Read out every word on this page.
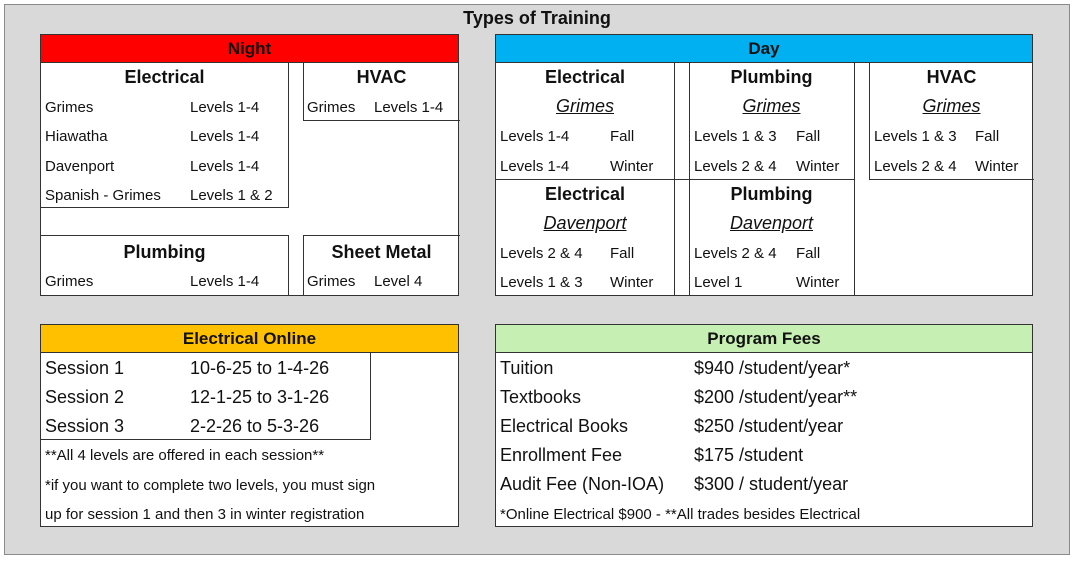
Types of Training
Night
Electrical
Grimes	Levels 1-4
Hiawatha	Levels 1-4
Davenport	Levels 1-4
Spanish - Grimes Levels 1 & 2
HVAC
Grimes Levels 1-4
Plumbing
Grimes	Levels 1-4
Sheet Metal
Grimes Level 4
Day
Electrical
Grimes
Levels 1-4	Fall
Levels 1-4	Winter
Plumbing
Grimes
Levels 1 & 3 Fall
Levels 2 & 4 Winter
HVAC
Grimes
Levels 1 & 3 Fall
Levels 2 & 4 Winter
Electrical
Davenport
Levels 2 & 4 Fall
Levels 1 & 3 Winter
Plumbing
Davenport
Levels 2 & 4 Fall
Level 1	Winter
Electrical Online
Session 1	10-6-25 to 1-4-26
Session 2	12-1-25 to 3-1-26
Session 3	2-2-26 to 5-3-26
**All 4 levels are offered in each session**
*if you want to complete two levels, you must sign
up for session 1 and then 3 in winter registration
Program Fees
Tuition	$940 /student/year*
Textbooks	$200 /student/year**
Electrical Books	$250 /student/year
Enrollment Fee	$175 /student
Audit Fee (Non-IOA) $300 / student/year
*Online Electrical $900 - **All trades besides Electrical
